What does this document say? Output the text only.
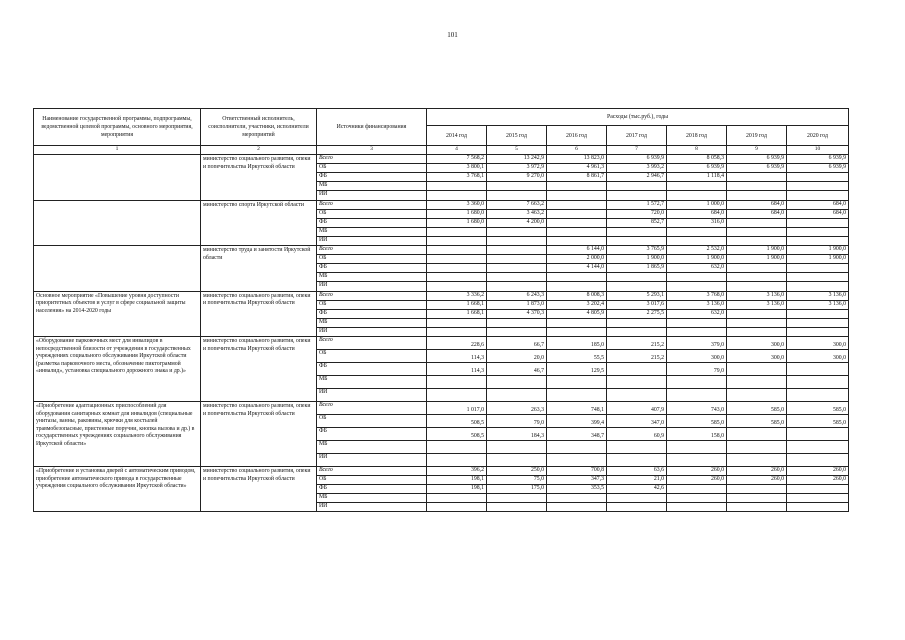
101
Наименование государственной программы, подпрограммы, ведомственной целевой программы, основного мероприятия, мероприятия	Ответственный исполнитель, соисполнители, участники, исполнители мероприятий	Источники финансирования	Расходы (тыс.руб.), годы						
			2014 год	2015 год	2016 год	2017 год	2018 год	2019 год	2020 год
1	2	3	4	5	6	7	8	9	10
	министерство социального развития, опеки и попечительства Иркутской области	Всего	7 568,2	13 242,9	13 823,0	6 939,9	8 058,3	6 939,9	6 939,9
		ОБ	3 800,1	3 972,9	4 961,3	3 993,2	6 939,9	6 939,9	6 939,9
		ФБ	3 768,1	9 270,0	8 861,7	2 946,7	1 118,4		
		МБ							
		ИИ							
	министерство спорта Иркутской области	Всего	3 360,0	7 663,2		1 572,7	1 000,0	684,0	684,0
		ОБ	1 680,0	3 463,2		720,0	684,0	684,0	684,0
		ФБ	1 680,0	4 200,0		852,7	316,0		
		МБ							
		ИИ							
	министерство труда и занятости Иркутской области	Всего			6 144,0	3 765,9	2 532,0	1 900,0	1 900,0
		ОБ			2 000,0	1 900,0	1 900,0	1 900,0	1 900,0
		ФБ			4 144,0	1 865,9	632,0		
		МБ							
		ИИ							
Основное мероприятие «Повышение уровня доступности приоритетных объектов и услуг в сфере социальной защиты населения» на 2014-2020 годы	министерство социального развития, опеки и попечительства Иркутской области	Всего	3 336,2	6 243,3	8 008,3	5 293,1	3 768,0	3 136,0	3 136,0
		ОБ	1 668,1	1 873,0	3 202,4	3 017,6	3 136,0	3 136,0	3 136,0
		ФБ	1 668,1	4 370,3	4 805,9	2 275,5	632,0		
		МБ							
		ИИ							
«Оборудование парковочных мест для инвалидов в непосредственной близости от учреждения в государственных учреждениях социального обслуживания Иркутской области (разметка парковочного места, обозначение пиктограммой «инвалид», установка специального дорожного знака и др.)»	министерство социального развития, опеки и попечительства Иркутской области	Всего	228,6	66,7	185,0	215,2	379,0	300,0	300,0
		ОБ	114,3	20,0	55,5	215,2	300,0	300,0	300,0
		ФБ	114,3	46,7	129,5		79,0		
		МБ							
		ИИ							
«Приобретение адаптационных приспособлений для оборудования санитарных комнат для инвалидов (специальные унитазы, ванны, раковины, крючки для костылей травмобезопасные, пристенные поручни, кнопка вызова и др.) в государственных учреждениях социального обслуживания Иркутской области»	министерство социального развития, опеки и попечительства Иркутской области	Всего	1 017,0	263,3	748,1	407,9	743,0	585,0	585,0
		ОБ	508,5	79,0	399,4	347,0	585,0	585,0	585,0
		ФБ	508,5	184,3	348,7	60,9	158,0		
		МБ							
		ИИ							
«Приобретение и установка дверей с автоматическим приводом, приобретение автоматического привода в государственные учреждения социального обслуживания Иркутской области»	министерство социального развития, опеки и попечительства Иркутской области	Всего	396,2	250,0	700,8	63,6	260,0	260,0	260,0
		ОБ	198,1	75,0	347,3	21,0	260,0	260,0	260,0
		ФБ	198,1	175,0	353,5	42,6			
		МБ							
		ИИ							
